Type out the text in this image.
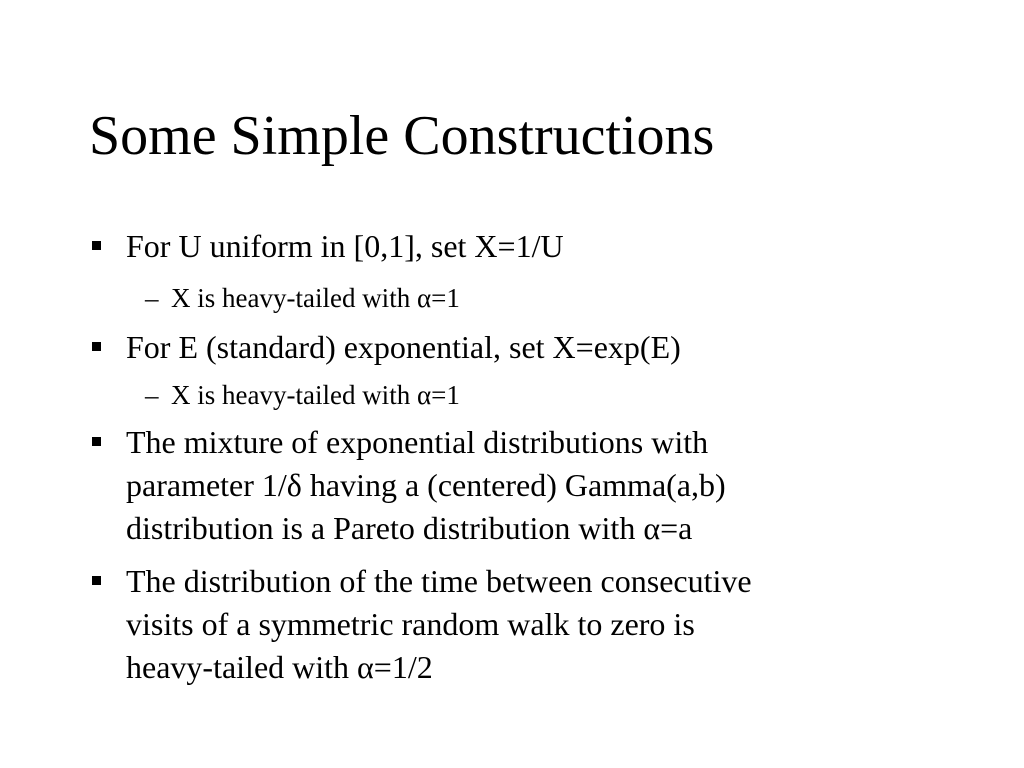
Some Simple Constructions

For U uniform in [0,1], set X=1/U

– X is heavy-tailed with α=1

For E (standard) exponential, set X=exp(E)

– X is heavy-tailed with α=1

The mixture of exponential distributions with

parameter 1/δ having a (centered) Gamma(a,b)

distribution is a Pareto distribution with α=a

The distribution of the time between consecutive

visits of a symmetric random walk to zero is

heavy-tailed with α=1/2
